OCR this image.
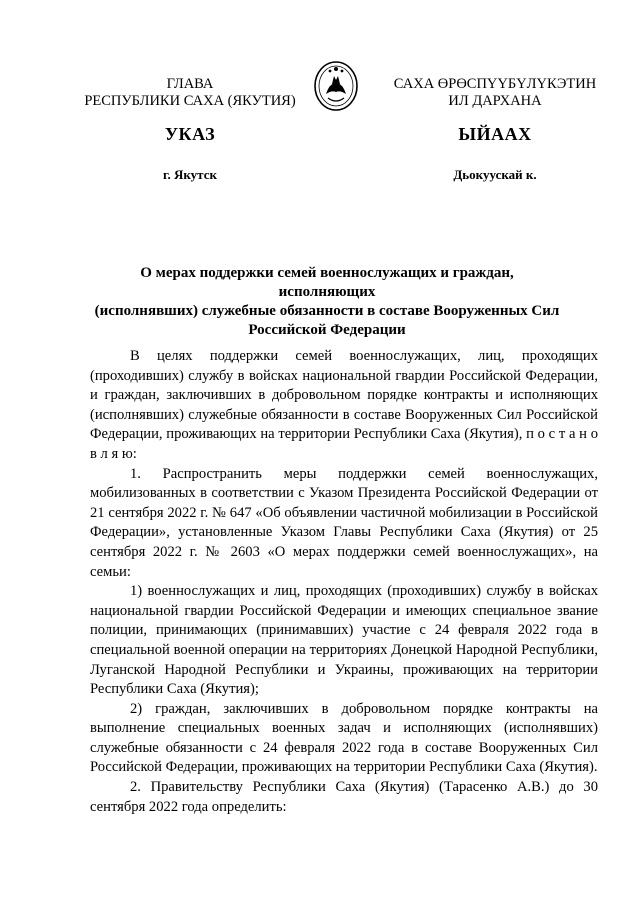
ГЛАВА
РЕСПУБЛИКИ САХА (ЯКУТИЯ)
САХА ӨРӨСПҮҮБҮЛҮКЭТИН
ИЛ ДАРХАНА
УКАЗ	ЫЙААХ
г. Якутск	Дьокуускай к.
О мерах поддержки семей военнослужащих и граждан, исполняющих
(исполнявших) служебные обязанности в составе Вооруженных Сил
Российской Федерации

В целях поддержки семей военнослужащих, лиц, проходящих (проходивших) службу в войсках национальной гвардии Российской Федерации, и граждан, заключивших в добровольном порядке контракты и исполняющих (исполнявших) служебные обязанности в составе Вооруженных Сил Российской Федерации, проживающих на территории Республики Саха (Якутия), п о с т а н о в л я ю:

1. Распространить меры поддержки семей военнослужащих, мобилизованных в соответствии с Указом Президента Российской Федерации от 21 сентября 2022 г. № 647 «Об объявлении частичной мобилизации в Российской Федерации», установленные Указом Главы Республики Саха (Якутия) от 25 сентября 2022 г. № 2603 «О мерах поддержки семей военнослужащих», на семьи:

1) военнослужащих и лиц, проходящих (проходивших) службу в войсках национальной гвардии Российской Федерации и имеющих специальное звание полиции, принимающих (принимавших) участие с 24 февраля 2022 года в специальной военной операции на территориях Донецкой Народной Республики, Луганской Народной Республики и Украины, проживающих на территории Республики Саха (Якутия);

2) граждан, заключивших в добровольном порядке контракты на выполнение специальных военных задач и исполняющих (исполнявших) служебные обязанности с 24 февраля 2022 года в составе Вооруженных Сил Российской Федерации, проживающих на территории Республики Саха (Якутия).

2. Правительству Республики Саха (Якутия) (Тарасенко А.В.) до 30 сентября 2022 года определить:
